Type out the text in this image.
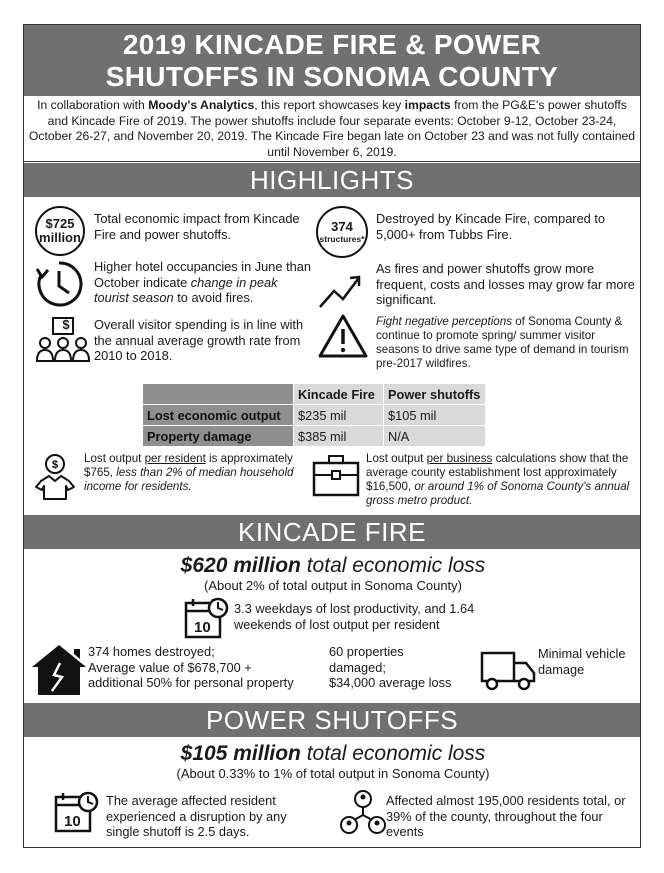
2019 KINCADE FIRE & POWER
SHUTOFFS IN SONOMA COUNTY
In collaboration with Moody's Analytics, this report showcases key impacts from the PG&E's power shutoffs and Kincade Fire of 2019. The power shutoffs include four separate events: October 9-12, October 23-24, October 26-27, and November 20, 2019. The Kincade Fire began late on October 23 and was not fully contained until November 6, 2019.
HIGHLIGHTS
$725
million
Total economic impact from Kincade Fire and power shutoffs.	374
structures*
Destroyed by Kincade Fire, compared to 5,000+ from Tubbs Fire.
Higher hotel occupancies in June than October indicate change in peak tourist season to avoid fires.
As fires and power shutoffs grow more frequent, costs and losses may grow far more significant.
$	Overall visitor spending is in line with the annual average growth rate from 2010 to 2018.
Fight negative perceptions of Sonoma County & continue to promote spring/ summer visitor seasons to drive same type of demand in tourism pre-2017 wildfires.
	Kincade Fire	Power shutoffs
Lost economic output	$235 mil	$105 mil
Property damage	$385 mil	N/A
$ Lost output per resident is approximately $765, less than 2% of median household income for residents.
Lost output per business calculations show that the average county establishment lost approximately $16,500, or around 1% of Sonoma County's annual gross metro product.
KINCADE FIRE
$620 million total economic loss
(About 2% of total output in Sonoma County)
10
3.3 weekdays of lost productivity, and 1.64 weekends of lost output per resident
374 homes destroyed;
Average value of $678,700 +
additional 50% for personal property
60 properties
damaged;
$34,000 average loss
Minimal vehicle damage
POWER SHUTOFFS
$105 million total economic loss
(About 0.33% to 1% of total output in Sonoma County)
10
The average affected resident experienced a disruption by any single shutoff is 2.5 days.
Affected almost 195,000 residents total, or 39% of the county, throughout the four events
